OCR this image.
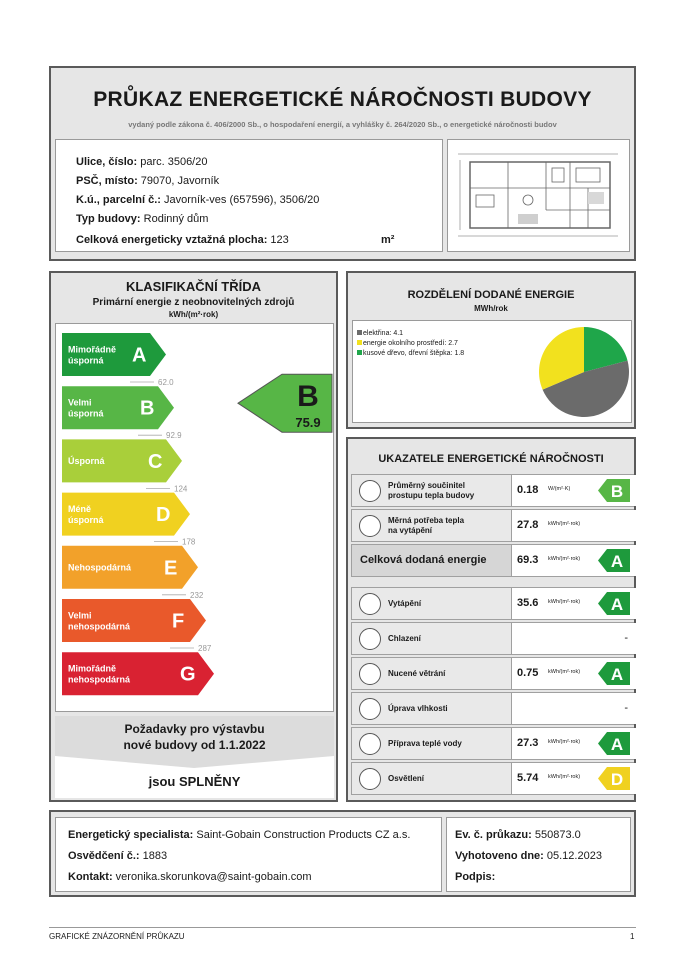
PRŮKAZ ENERGETICKÉ NÁROČNOSTI BUDOVY
vydaný podle zákona č. 406/2000 Sb., o hospodaření energií, a vyhlášky č. 264/2020 Sb., o energetické náročnosti budov
Ulice, číslo: parc. 3506/20
PSČ, místo: 79070, Javorník
K.ú., parcelní č.: Javorník-ves (657596), 3506/20
Typ budovy: Rodinný dům
Celková energeticky vztažná plocha: 123	m²
KLASIFIKAČNÍ TŘÍDA
Primární energie z neobnovitelných zdrojů
kWh/(m²·rok)
Mimořádně
úsporná A
62.0
Velmi
úsporná B
92.9
Úsporná C
124
Méně
úsporná	D
178
Nehospodárná E
232
Velmi
nehospodárná F
287
Mimořádně
nehospodárná G
B
75.9
Požadavky pro výstavbu
nové budovy od 1.1.2022
jsou SPLNĚNY
ROZDĚLENÍ DODANÉ ENERGIE
MWh/rok
elektřina: 4.1
energie okolního prostředí: 2.7
kusové dřevo, dřevní štěpka: 1.8
UKAZATELE ENERGETICKÉ NÁROČNOSTI
Průměrný součinitel
prostupu tepla budovy	0.18 W/(m²·K) B
Měrná potřeba tepla
na vytápění	27.8 kWh/(m²·rok)
Celková dodaná energie	69.3 kWh/(m²·rok) A
Vytápění	35.6 kWh/(m²·rok) A
Chlazení	-
Nucené větrání	0.75 kWh/(m²·rok) A
Úprava vlhkosti	-
Příprava teplé vody	27.3 kWh/(m²·rok) A
Osvětlení	5.74 kWh/(m²·rok) D
Energetický specialista: Saint-Gobain Construction Products CZ a.s.
Osvědčení č.: 1883
Kontakt: veronika.skorunkova@saint-gobain.com
Ev. č. průkazu: 550873.0
Vyhotoveno dne: 05.12.2023
Podpis:
GRAFICKÉ ZNÁZORNĚNÍ PRŮKAZU	1
